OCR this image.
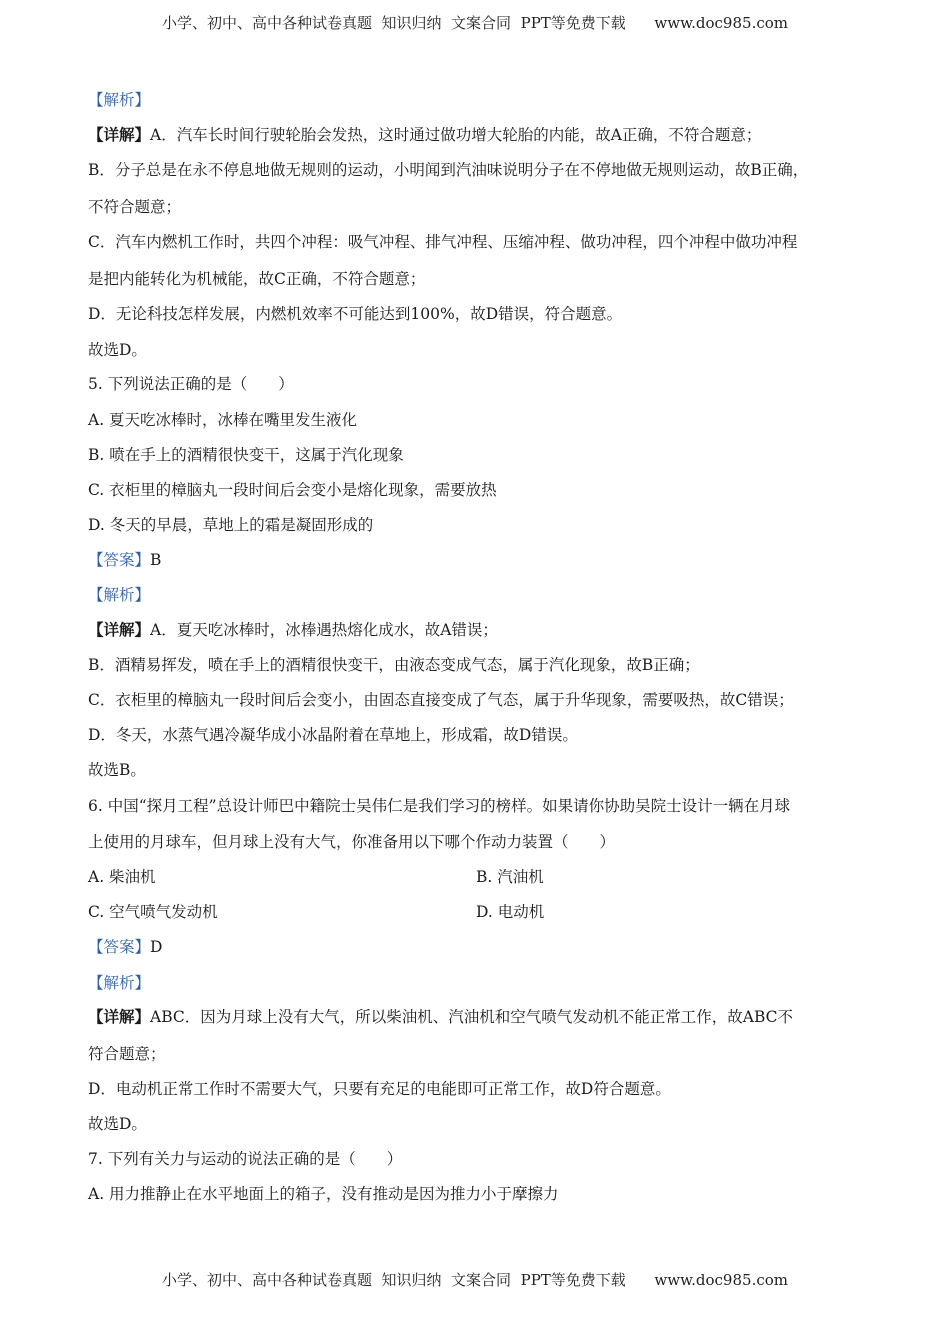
小学、初中、高中各种试卷真题  知识归纳  文案合同  PPT等免费下载      www.doc985.com
【解析】
【详解】A．汽车长时间行驶轮胎会发热，这时通过做功增大轮胎的内能，故A正确，不符合题意；
B．分子总是在永不停息地做无规则的运动，小明闻到汽油味说明分子在不停地做无规则运动，故B正确，
不符合题意；
C．汽车内燃机工作时，共四个冲程：吸气冲程、排气冲程、压缩冲程、做功冲程，四个冲程中做功冲程
是把内能转化为机械能，故C正确，不符合题意；
D．无论科技怎样发展，内燃机效率不可能达到100%，故D错误，符合题意。
故选D。
5. 下列说法正确的是（　　）
A. 夏天吃冰棒时，冰棒在嘴里发生液化
B. 喷在手上的酒精很快变干，这属于汽化现象
C. 衣柜里的樟脑丸一段时间后会变小是熔化现象，需要放热
D. 冬天的早晨，草地上的霜是凝固形成的
【答案】B
【解析】
【详解】A．夏天吃冰棒时，冰棒遇热熔化成水，故A错误；
B．酒精易挥发，喷在手上的酒精很快变干，由液态变成气态，属于汽化现象，故B正确；
C．衣柜里的樟脑丸一段时间后会变小，由固态直接变成了气态，属于升华现象，需要吸热，故C错误；
D．冬天，水蒸气遇冷凝华成小冰晶附着在草地上，形成霜，故D错误。
故选B。
6. 中国“探月工程”总设计师巴中籍院士吴伟仁是我们学习的榜样。如果请你协助吴院士设计一辆在月球
上使用的月球车，但月球上没有大气，你准备用以下哪个作动力装置（　　）
A. 柴油机	B. 汽油机
C. 空气喷气发动机	D. 电动机
【答案】D
【解析】
【详解】ABC．因为月球上没有大气，所以柴油机、汽油机和空气喷气发动机不能正常工作，故ABC不
符合题意；
D．电动机正常工作时不需要大气，只要有充足的电能即可正常工作，故D符合题意。
故选D。
7. 下列有关力与运动的说法正确的是（　　）
A. 用力推静止在水平地面上的箱子，没有推动是因为推力小于摩擦力
小学、初中、高中各种试卷真题  知识归纳  文案合同  PPT等免费下载      www.doc985.com
